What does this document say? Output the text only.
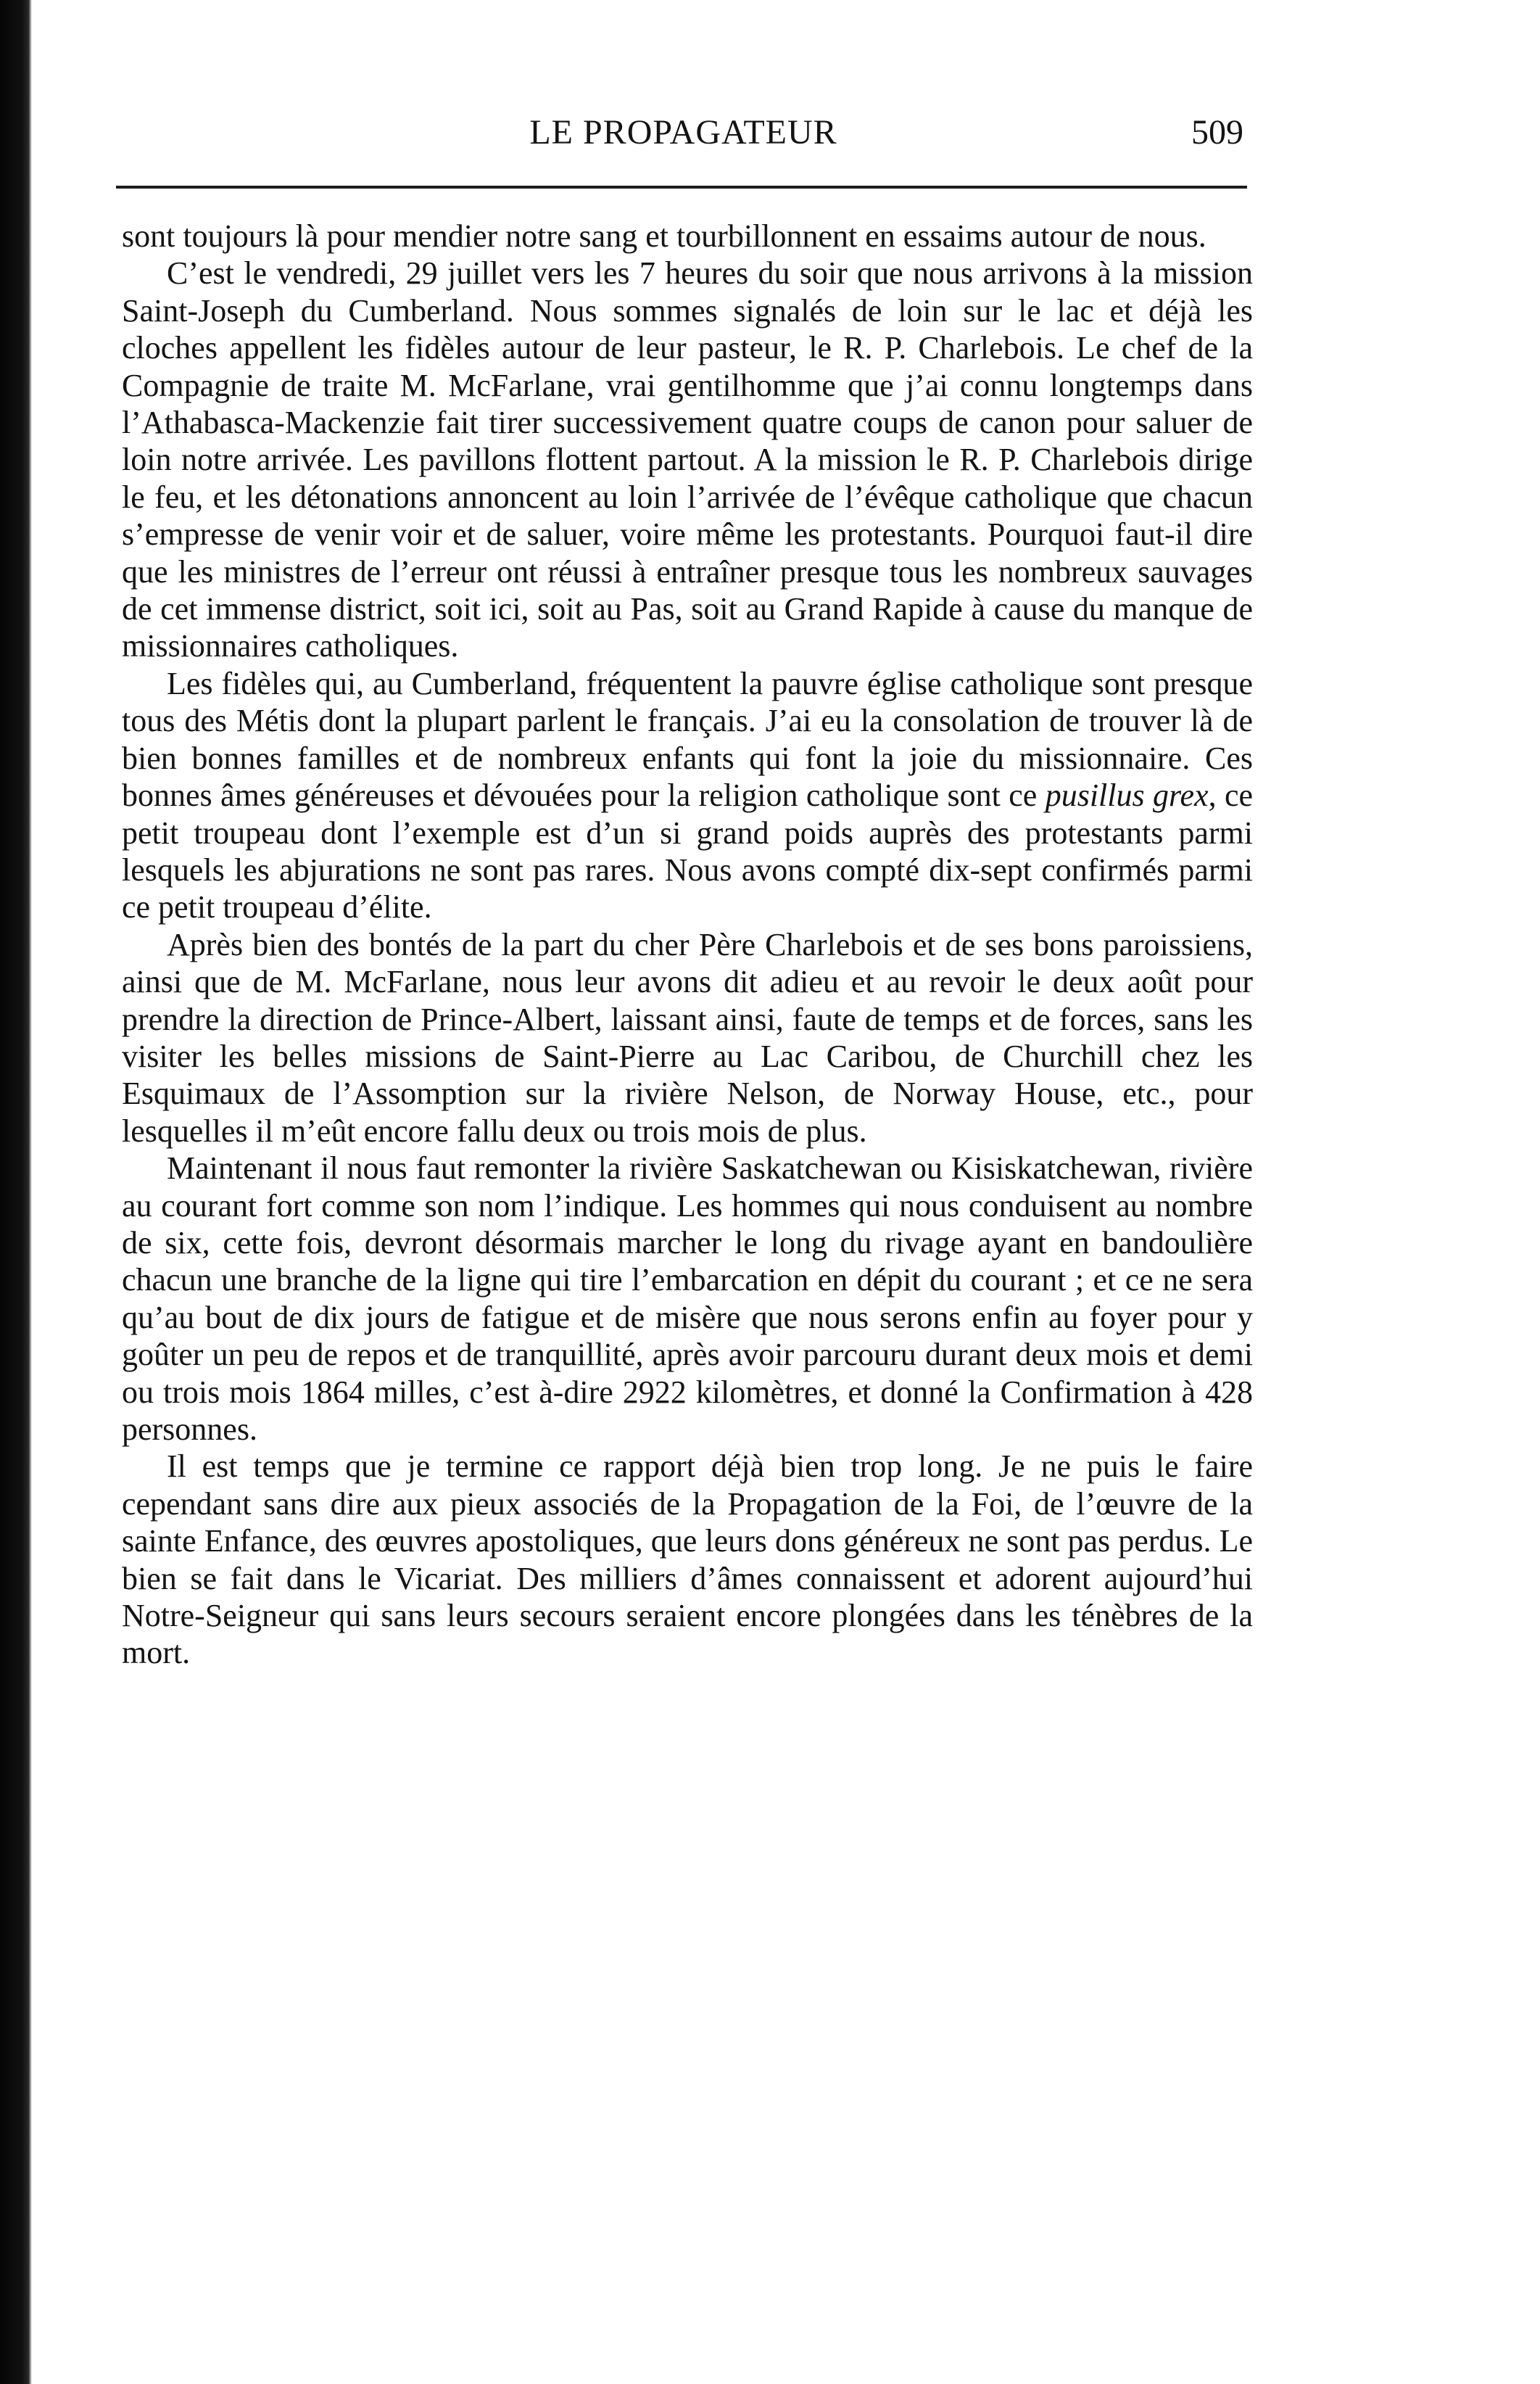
LE PROPAGATEUR	509

sont toujours là pour mendier notre sang et tourbillonnent en essaims autour de nous.

C’est le vendredi, 29 juillet vers les 7 heures du soir que nous arrivons à la mission Saint-Joseph du Cumberland. Nous sommes signalés de loin sur le lac et déjà les cloches appellent les fidèles autour de leur pasteur, le R. P. Charlebois. Le chef de la Compagnie de traite M. McFarlane, vrai gentilhomme que j’ai connu longtemps dans l’Athabasca-Mackenzie fait tirer successivement quatre coups de canon pour saluer de loin notre arrivée. Les pavillons flottent partout. A la mission le R. P. Charlebois dirige le feu, et les détonations annoncent au loin l’arrivée de l’évêque catholique que chacun s’empresse de venir voir et de saluer, voire même les protestants. Pourquoi faut-il dire que les ministres de l’erreur ont réussi à entraîner presque tous les nombreux sauvages de cet immense district, soit ici, soit au Pas, soit au Grand Rapide à cause du manque de missionnaires catholiques.

Les fidèles qui, au Cumberland, fréquentent la pauvre église catholique sont presque tous des Métis dont la plupart parlent le français. J’ai eu la consolation de trouver là de bien bonnes familles et de nombreux enfants qui font la joie du missionnaire. Ces bonnes âmes généreuses et dévouées pour la religion catholique sont ce pusillus grex, ce petit troupeau dont l’exemple est d’un si grand poids auprès des protestants parmi lesquels les abjurations ne sont pas rares. Nous avons compté dix-sept confirmés parmi ce petit troupeau d’élite.

Après bien des bontés de la part du cher Père Charlebois et de ses bons paroissiens, ainsi que de M. McFarlane, nous leur avons dit adieu et au revoir le deux août pour prendre la direction de Prince-Albert, laissant ainsi, faute de temps et de forces, sans les visiter les belles missions de Saint-Pierre au Lac Caribou, de Churchill chez les Esquimaux de l’Assomption sur la rivière Nelson, de Norway House, etc., pour lesquelles il m’eût encore fallu deux ou trois mois de plus.

Maintenant il nous faut remonter la rivière Saskatchewan ou Kisiskatchewan, rivière au courant fort comme son nom l’indique. Les hommes qui nous conduisent au nombre de six, cette fois, devront désormais marcher le long du rivage ayant en bandoulière chacun une branche de la ligne qui tire l’embarcation en dépit du courant ; et ce ne sera qu’au bout de dix jours de fatigue et de misère que nous serons enfin au foyer pour y goûter un peu de repos et de tranquillité, après avoir parcouru durant deux mois et demi ou trois mois 1864 milles, c’est à-dire 2922 kilomètres, et donné la Confirmation à 428 personnes.

Il est temps que je termine ce rapport déjà bien trop long. Je ne puis le faire cependant sans dire aux pieux associés de la Propagation de la Foi, de l’œuvre de la sainte Enfance, des œuvres apostoliques, que leurs dons généreux ne sont pas perdus. Le bien se fait dans le Vicariat. Des milliers d’âmes connaissent et adorent aujourd’hui Notre-Seigneur qui sans leurs secours seraient encore plongées dans les ténèbres de la mort.
